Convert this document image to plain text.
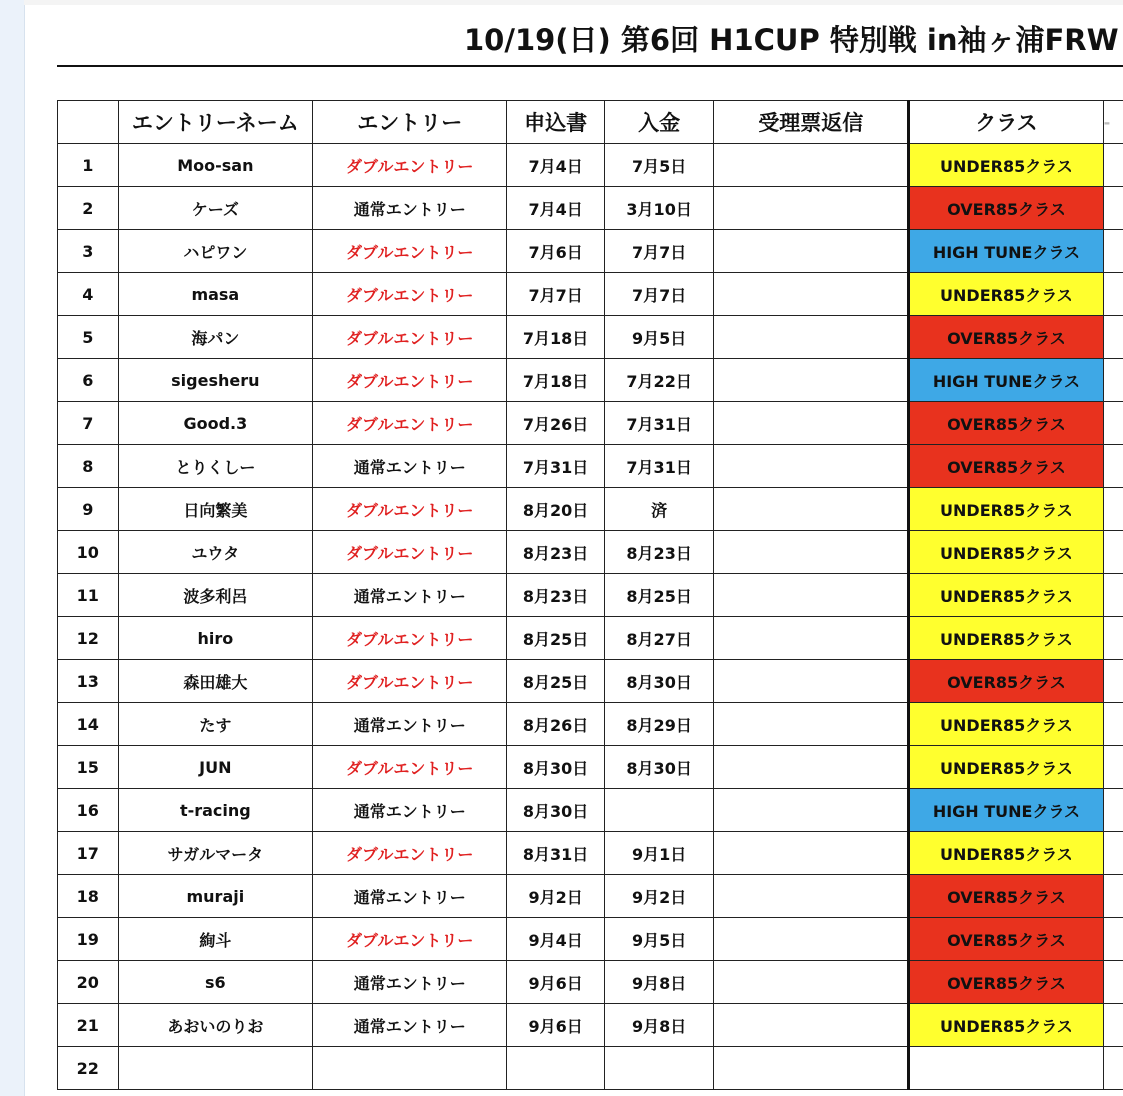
10/19(日) 第6回 H1CUP 特別戦 in袖ヶ浦FRW
	エントリーネーム	エントリー	申込書	入金	受理票返信	クラス	-
1	Moo-san	ダブルエントリー	7月4日	7月5日		UNDER85クラス	
2	ケーズ	通常エントリー	7月4日	3月10日		OVER85クラス	
3	ハピワン	ダブルエントリー	7月6日	7月7日		HIGH TUNEクラス	
4	masa	ダブルエントリー	7月7日	7月7日		UNDER85クラス	
5	海パン	ダブルエントリー	7月18日	9月5日		OVER85クラス	
6	sigesheru	ダブルエントリー	7月18日	7月22日		HIGH TUNEクラス	
7	Good.3	ダブルエントリー	7月26日	7月31日		OVER85クラス	
8	とりくしー	通常エントリー	7月31日	7月31日		OVER85クラス	
9	日向繁美	ダブルエントリー	8月20日	済		UNDER85クラス	
10	ユウタ	ダブルエントリー	8月23日	8月23日		UNDER85クラス	
11	波多利呂	通常エントリー	8月23日	8月25日		UNDER85クラス	
12	hiro	ダブルエントリー	8月25日	8月27日		UNDER85クラス	
13	森田雄大	ダブルエントリー	8月25日	8月30日		OVER85クラス	
14	たす	通常エントリー	8月26日	8月29日		UNDER85クラス	
15	JUN	ダブルエントリー	8月30日	8月30日		UNDER85クラス	
16	t-racing	通常エントリー	8月30日			HIGH TUNEクラス	
17	サガルマータ	ダブルエントリー	8月31日	9月1日		UNDER85クラス	
18	muraji	通常エントリー	9月2日	9月2日		OVER85クラス	
19	絢斗	ダブルエントリー	9月4日	9月5日		OVER85クラス	
20	s6	通常エントリー	9月6日	9月8日		OVER85クラス	
21	あおいのりお	通常エントリー	9月6日	9月8日		UNDER85クラス	
22							
